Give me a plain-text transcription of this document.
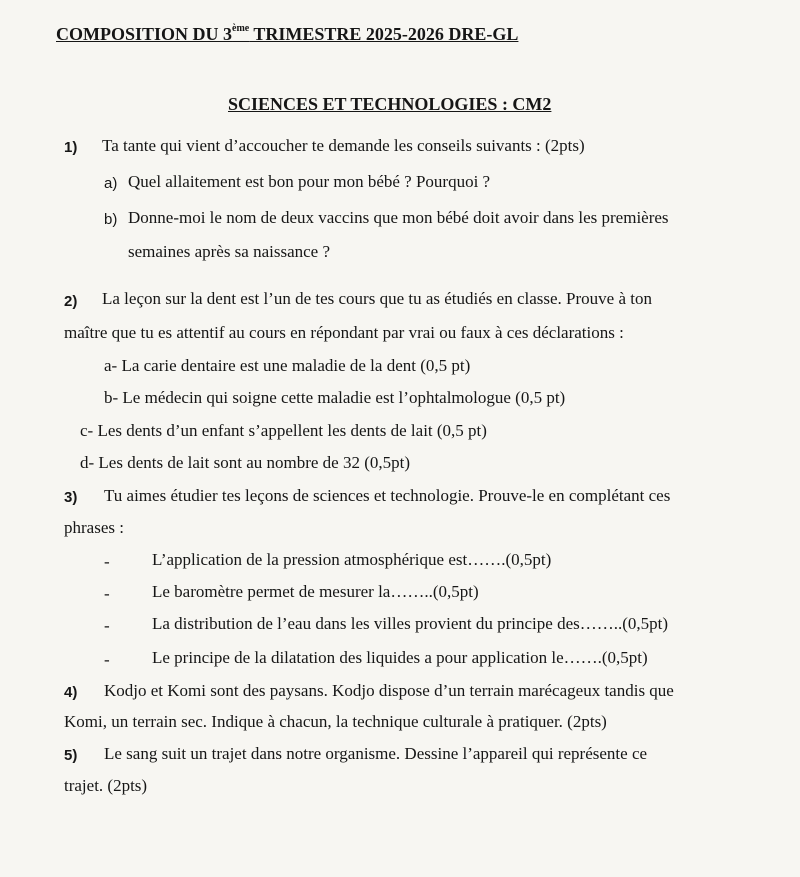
COMPOSITION DU 3ème TRIMESTRE 2025-2026 DRE-GL
SCIENCES ET TECHNOLOGIES : CM2
1) Ta tante qui vient d’accoucher te demande les conseils suivants : (2pts)
a) Quel allaitement est bon pour mon bébé ? Pourquoi ?
b) Donne-moi le nom de deux vaccins que mon bébé doit avoir dans les premières
semaines après sa naissance ?
2) La leçon sur la dent est l’un de tes cours que tu as étudiés en classe. Prouve à ton
maître que tu es attentif au cours en répondant par vrai ou faux à ces déclarations :
a- La carie dentaire est une maladie de la dent (0,5 pt)
b- Le médecin qui soigne cette maladie est l’ophtalmologue (0,5 pt)
c- Les dents d’un enfant s’appellent les dents de lait (0,5 pt)
d- Les dents de lait sont au nombre de 32 (0,5pt)
3) Tu aimes étudier tes leçons de sciences et technologie. Prouve-le en complétant ces
phrases :
- L’application de la pression atmosphérique est…….(0,5pt)
- Le baromètre permet de mesurer la……..(0,5pt)
- La distribution de l’eau dans les villes provient du principe des……..(0,5pt)
- Le principe de la dilatation des liquides a pour application le…….(0,5pt)
4) Kodjo et Komi sont des paysans. Kodjo dispose d’un terrain marécageux tandis que
Komi, un terrain sec. Indique à chacun, la technique culturale à pratiquer. (2pts)
5) Le sang suit un trajet dans notre organisme. Dessine l’appareil qui représente ce
trajet. (2pts)
